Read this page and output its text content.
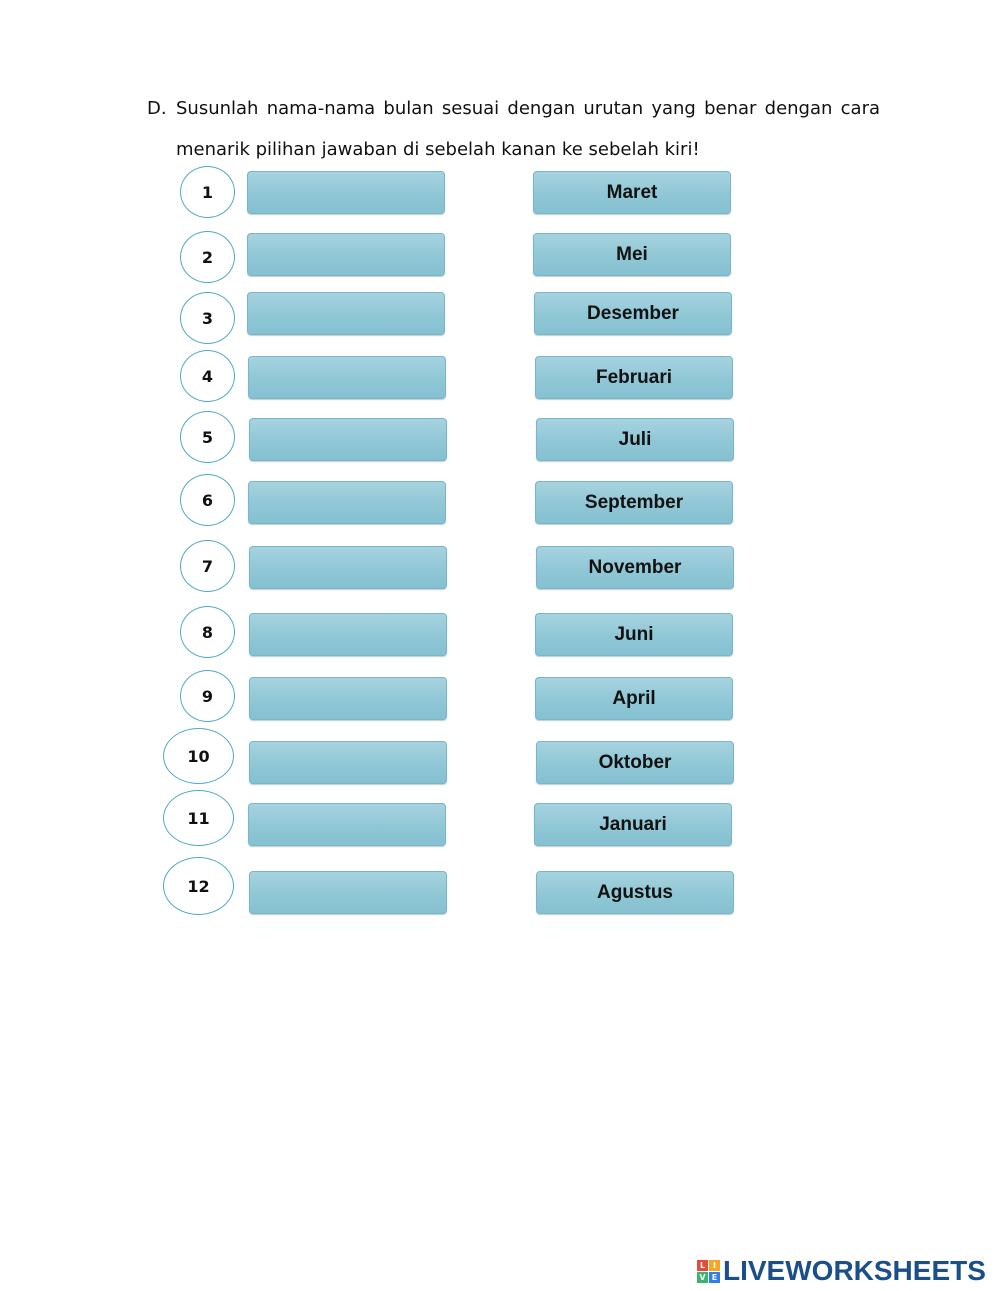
D. Susunlah nama-nama bulan sesuai dengan urutan yang benar dengan cara
menarik pilihan jawaban di sebelah kanan ke sebelah kiri!
1
2
3
4
5
6
7
8
9
10
11
12
Maret
Mei
Desember
Februari
Juli
September
November
Juni
April
Oktober
Januari
Agustus
L I
V E LIVEWORKSHEETS
